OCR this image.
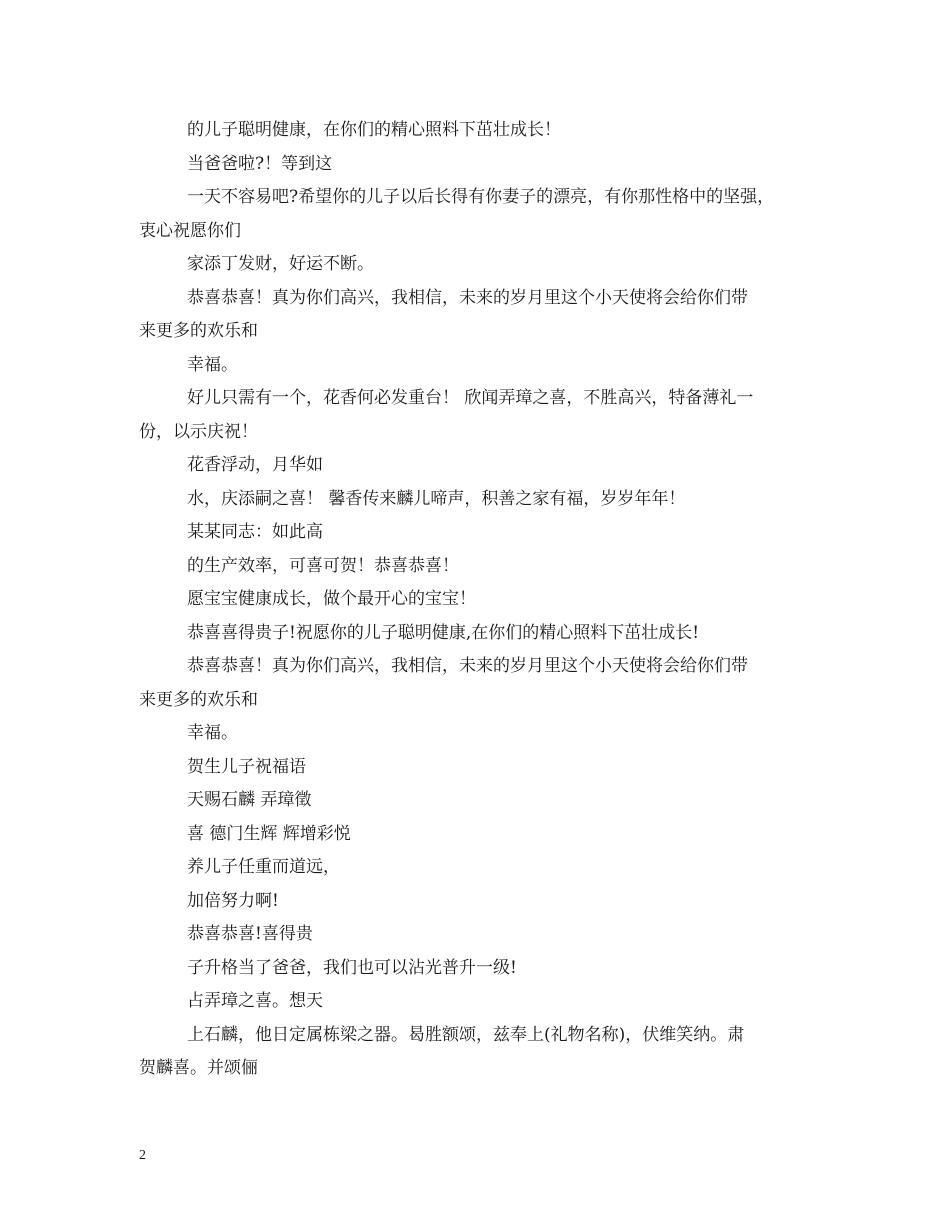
的儿子聪明健康，在你们的精心照料下茁壮成长！
当爸爸啦?！等到这
一天不容易吧?希望你的儿子以后长得有你妻子的漂亮，有你那性格中的坚强，
衷心祝愿你们
家添丁发财，好运不断。
恭喜恭喜！真为你们高兴，我相信，未来的岁月里这个小天使将会给你们带
来更多的欢乐和
幸福。
好儿只需有一个，花香何必发重台！ 欣闻弄璋之喜，不胜高兴，特备薄礼一
份，以示庆祝！
花香浮动，月华如
水，庆添嗣之喜！ 馨香传来麟儿啼声，积善之家有福，岁岁年年！
某某同志：如此高
的生产效率，可喜可贺！恭喜恭喜！
愿宝宝健康成长，做个最开心的宝宝！
恭喜喜得贵子!祝愿你的儿子聪明健康,在你们的精心照料下茁壮成长!
恭喜恭喜！真为你们高兴，我相信，未来的岁月里这个小天使将会给你们带
来更多的欢乐和
幸福。
贺生儿子祝福语
天赐石麟 弄璋徵
喜 德门生辉 辉增彩悦
养儿子任重而道远，
加倍努力啊!
恭喜恭喜!喜得贵
子升格当了爸爸，我们也可以沾光普升一级!
占弄璋之喜。想天
上石麟，他日定属栋梁之器。曷胜额颂，兹奉上(礼物名称)，伏维笑纳。肃
贺麟喜。并颂俪
2
